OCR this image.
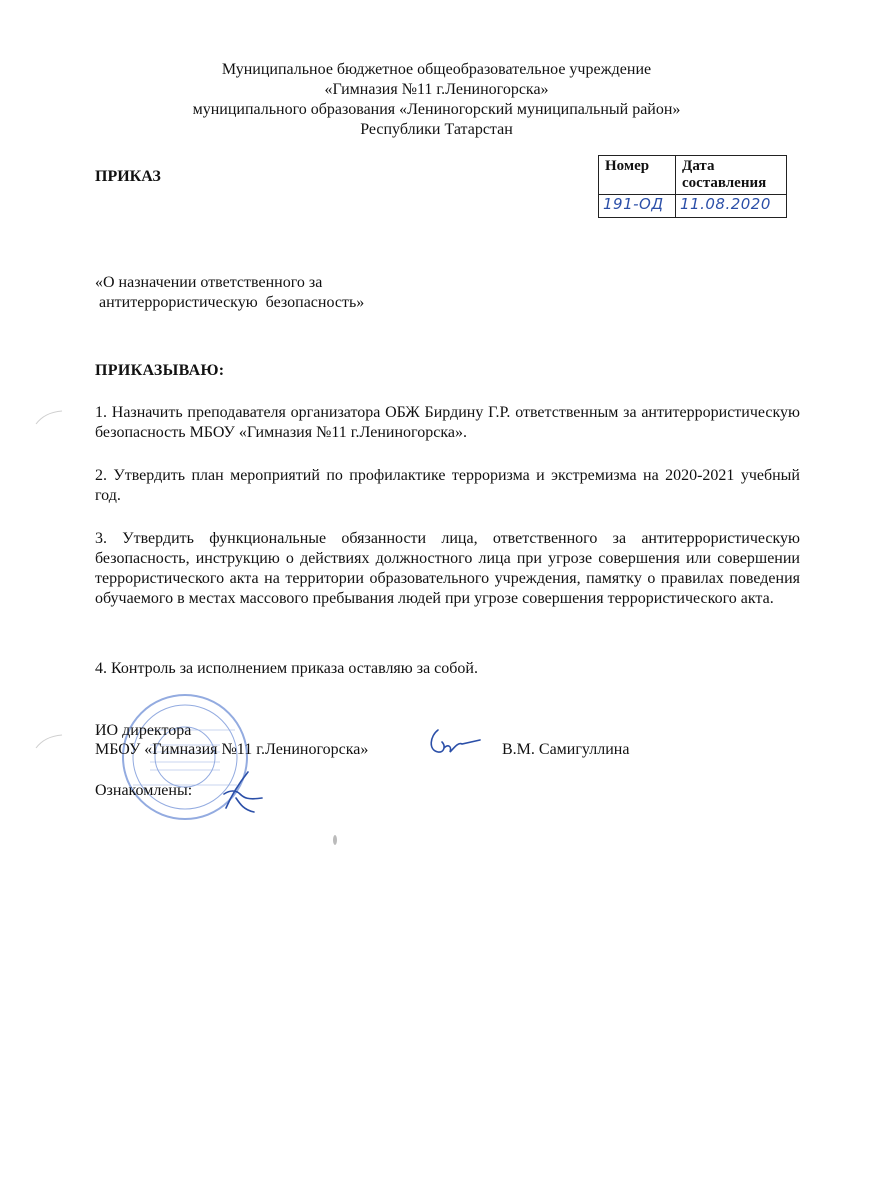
Муниципальное бюджетное общеобразовательное учреждение
«Гимназия №11 г.Лениногорска»
муниципального образования «Лениногорский муниципальный район»
Республики Татарстан
ПРИКАЗ
Номер	Дата
составления
191-ОД	11.08.2020
«О назначении ответственного за
антитеррористическую  безопасность»
ПРИКАЗЫВАЮ:
1. Назначить преподавателя организатора ОБЖ Бирдину Г.Р. ответственным за антитеррористическую безопасность МБОУ «Гимназия №11 г.Лениногорска».
2. Утвердить план мероприятий по профилактике терроризма и экстремизма на 2020-2021 учебный год.
3. Утвердить функциональные обязанности лица, ответственного за антитеррористическую безопасность, инструкцию о действиях должностного лица при угрозе совершения или совершении террористического акта на территории образовательного учреждения, памятку о правилах поведения обучаемого в местах массового пребывания людей при угрозе совершения террористического акта.
4. Контроль за исполнением приказа оставляю за собой.
ИО директора
МБОУ «Гимназия №11 г.Лениногорска»	В.М. Самигуллина
Ознакомлены:
